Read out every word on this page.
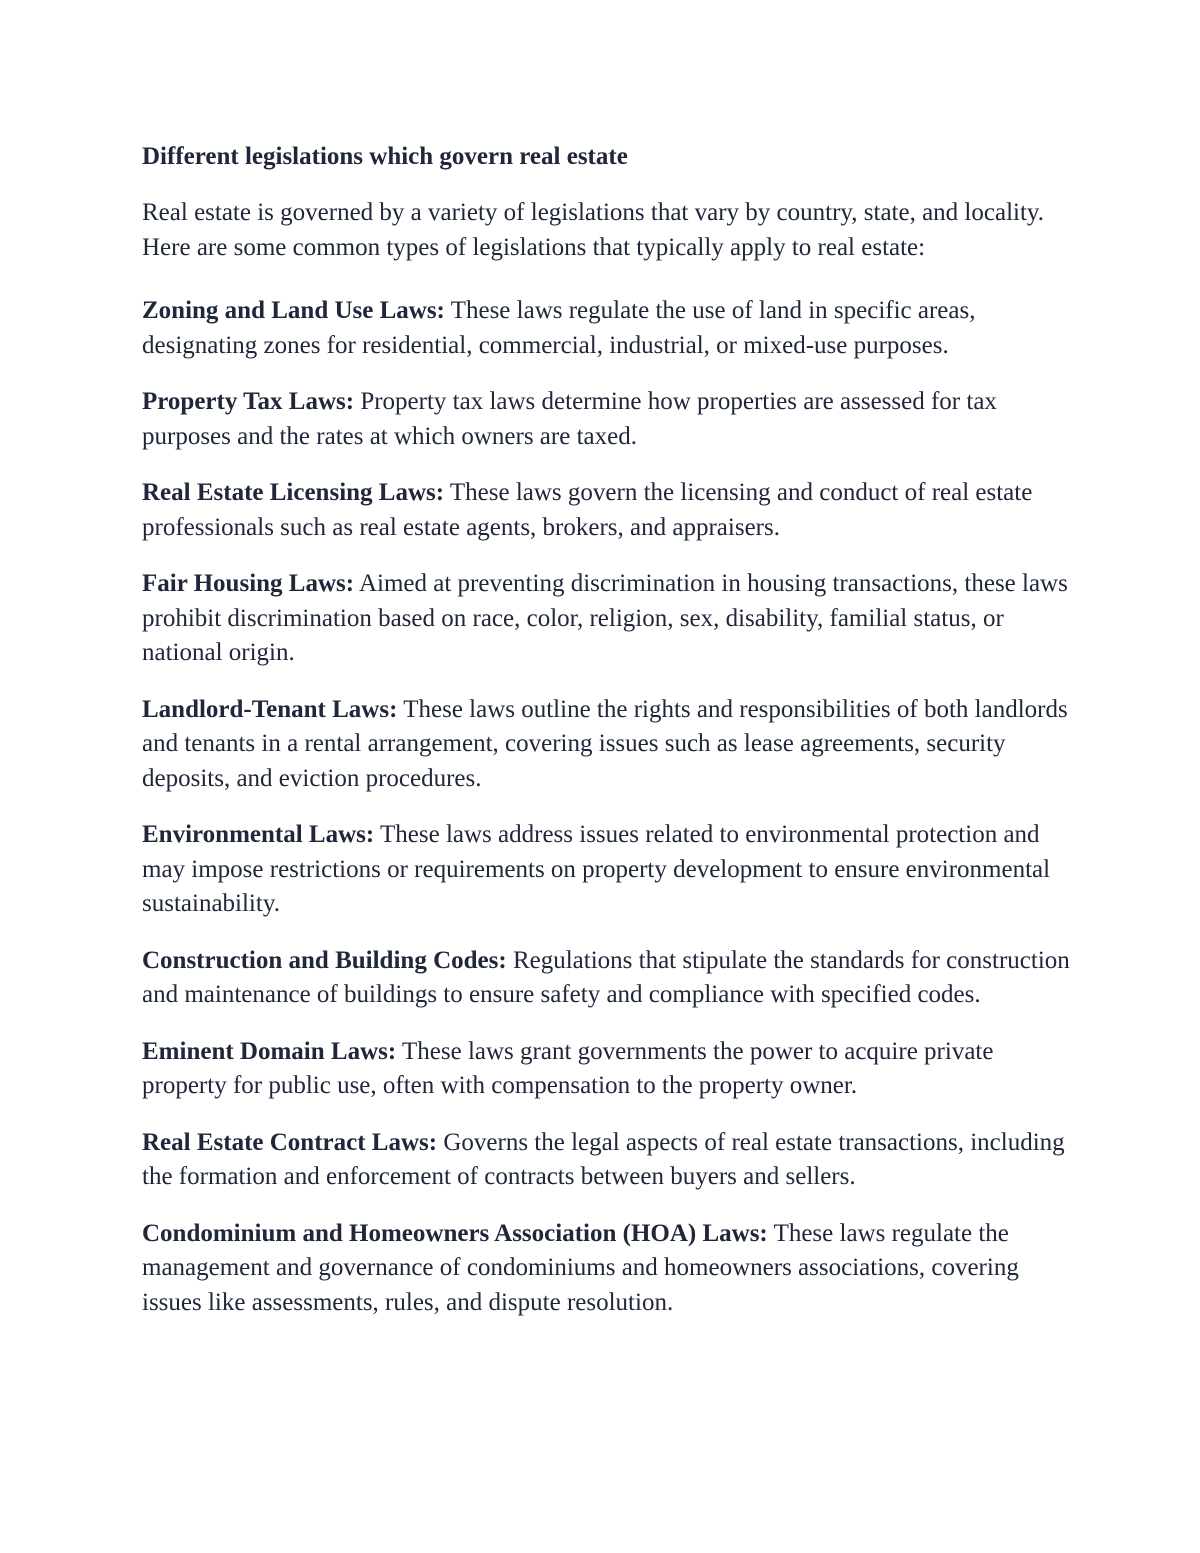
Different legislations which govern real estate

Real estate is governed by a variety of legislations that vary by country, state, and locality. Here are some common types of legislations that typically apply to real estate:

Zoning and Land Use Laws: These laws regulate the use of land in specific areas, designating zones for residential, commercial, industrial, or mixed-use purposes.

Property Tax Laws: Property tax laws determine how properties are assessed for tax purposes and the rates at which owners are taxed.

Real Estate Licensing Laws: These laws govern the licensing and conduct of real estate professionals such as real estate agents, brokers, and appraisers.

Fair Housing Laws: Aimed at preventing discrimination in housing transactions, these laws prohibit discrimination based on race, color, religion, sex, disability, familial status, or national origin.

Landlord-Tenant Laws: These laws outline the rights and responsibilities of both landlords and tenants in a rental arrangement, covering issues such as lease agreements, security deposits, and eviction procedures.

Environmental Laws: These laws address issues related to environmental protection and may impose restrictions or requirements on property development to ensure environmental sustainability.

Construction and Building Codes: Regulations that stipulate the standards for construction and maintenance of buildings to ensure safety and compliance with specified codes.

Eminent Domain Laws: These laws grant governments the power to acquire private property for public use, often with compensation to the property owner.

Real Estate Contract Laws: Governs the legal aspects of real estate transactions, including the formation and enforcement of contracts between buyers and sellers.

Condominium and Homeowners Association (HOA) Laws: These laws regulate the management and governance of condominiums and homeowners associations, covering issues like assessments, rules, and dispute resolution.
